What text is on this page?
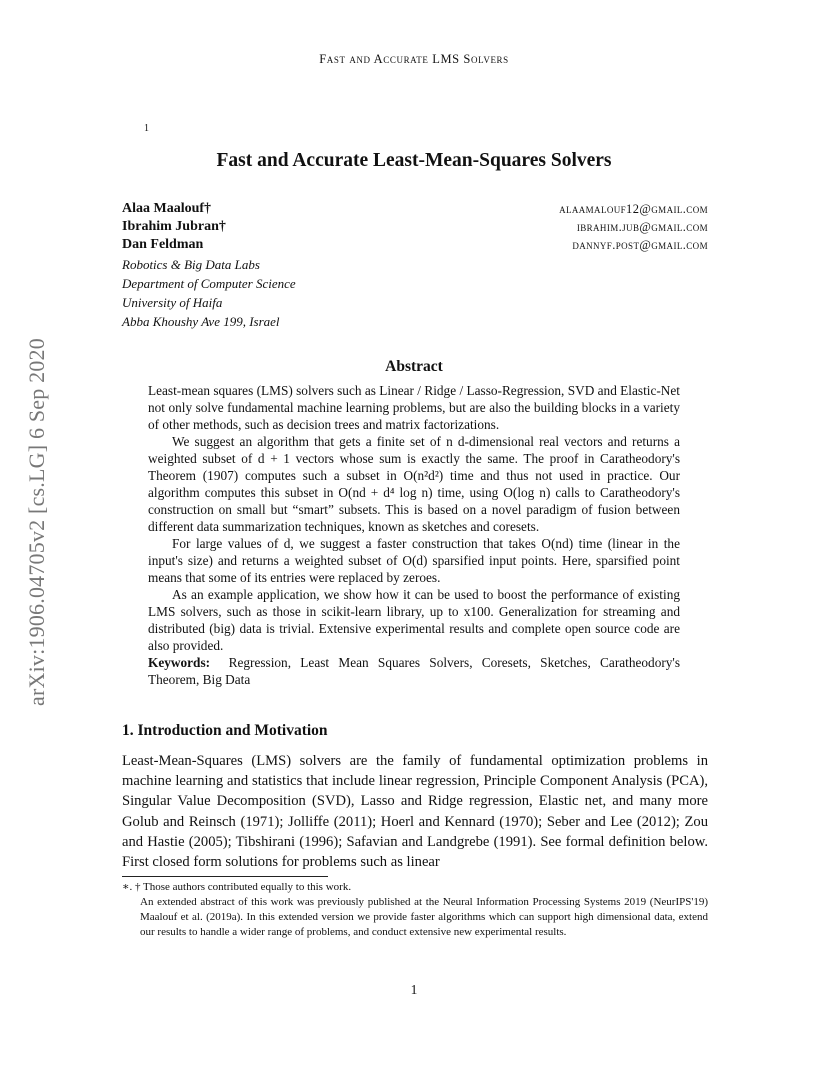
Fast and Accurate LMS Solvers
1
Fast and Accurate Least-Mean-Squares Solvers
Alaa Maalouf†	alaamalouf12@gmail.com
Ibrahim Jubran†	ibrahim.jub@gmail.com
Dan Feldman	dannyf.post@gmail.com
Robotics & Big Data Labs
Department of Computer Science
University of Haifa
Abba Khoushy Ave 199, Israel
Abstract

Least-mean squares (LMS) solvers such as Linear / Ridge / Lasso-Regression, SVD and Elastic-Net not only solve fundamental machine learning problems, but are also the building blocks in a variety of other methods, such as decision trees and matrix factorizations.

We suggest an algorithm that gets a finite set of n d-dimensional real vectors and returns a weighted subset of d + 1 vectors whose sum is exactly the same. The proof in Caratheodory's Theorem (1907) computes such a subset in O(n²d²) time and thus not used in practice. Our algorithm computes this subset in O(nd + d⁴ log n) time, using O(log n) calls to Caratheodory's construction on small but “smart” subsets. This is based on a novel paradigm of fusion between different data summarization techniques, known as sketches and coresets.

For large values of d, we suggest a faster construction that takes O(nd) time (linear in the input's size) and returns a weighted subset of O(d) sparsified input points. Here, sparsified point means that some of its entries were replaced by zeroes.

As an example application, we show how it can be used to boost the performance of existing LMS solvers, such as those in scikit-learn library, up to x100. Generalization for streaming and distributed (big) data is trivial. Extensive experimental results and complete open source code are also provided.

Keywords: Regression, Least Mean Squares Solvers, Coresets, Sketches, Caratheodory's Theorem, Big Data

1. Introduction and Motivation

Least-Mean-Squares (LMS) solvers are the family of fundamental optimization problems in machine learning and statistics that include linear regression, Principle Component Analysis (PCA), Singular Value Decomposition (SVD), Lasso and Ridge regression, Elastic net, and many more Golub and Reinsch (1971); Jolliffe (2011); Hoerl and Kennard (1970); Seber and Lee (2012); Zou and Hastie (2005); Tibshirani (1996); Safavian and Landgrebe (1991). See formal definition below. First closed form solutions for problems such as linear

∗. † Those authors contributed equally to this work.

An extended abstract of this work was previously published at the Neural Information Processing Systems 2019 (NeurIPS'19) Maalouf et al. (2019a). In this extended version we provide faster algorithms which can support high dimensional data, extend our results to handle a wider range of problems, and conduct extensive new experimental results.

1
arXiv:1906.04705v2 [cs.LG] 6 Sep 2020
